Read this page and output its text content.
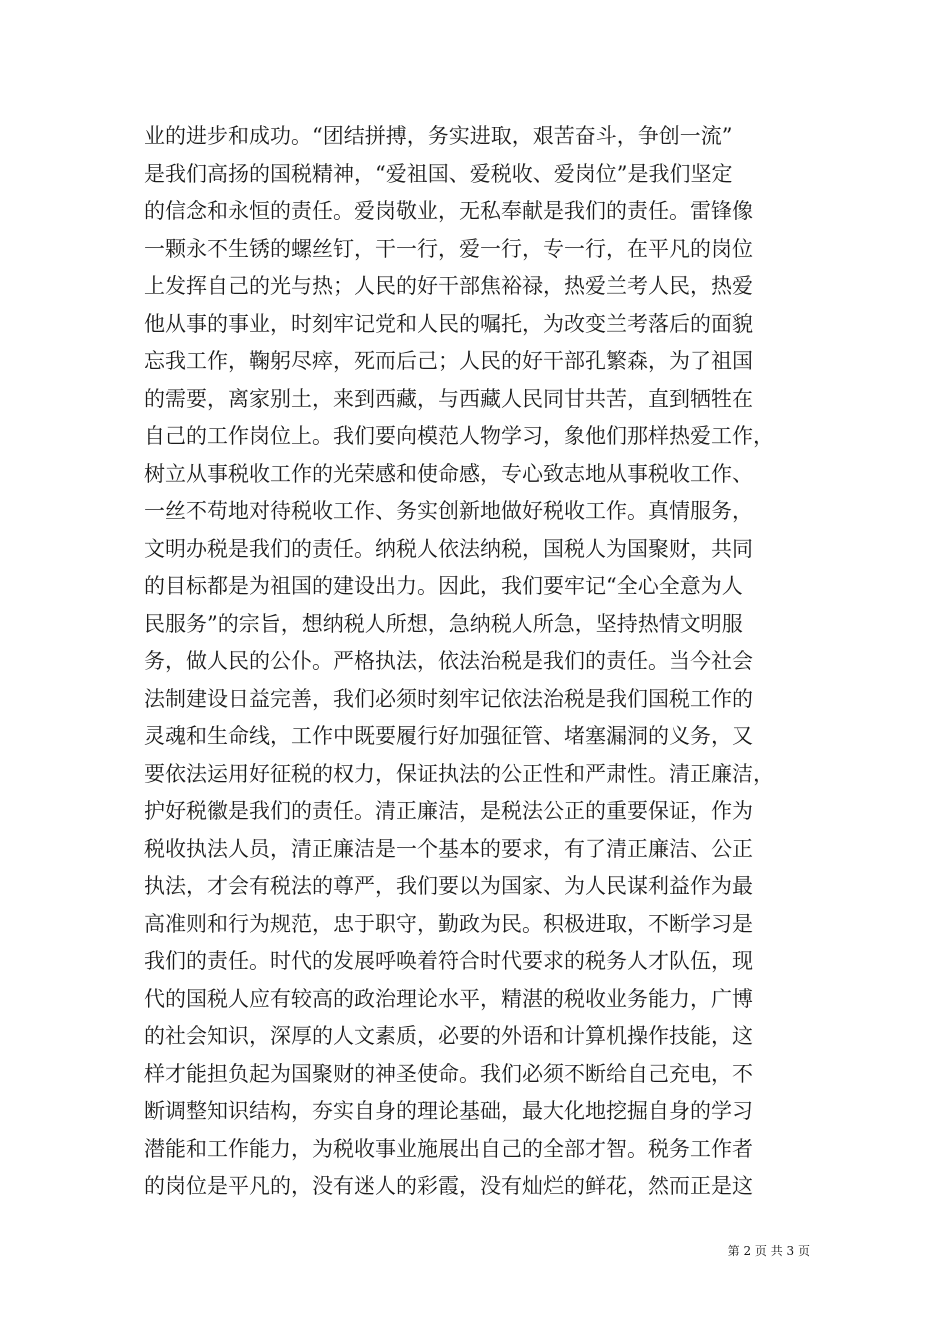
业的进步和成功。“团结拼搏，务实进取，艰苦奋斗，争创一流”
是我们高扬的国税精神，“爱祖国、爱税收、爱岗位”是我们坚定
的信念和永恒的责任。爱岗敬业，无私奉献是我们的责任。雷锋像
一颗永不生锈的螺丝钉，干一行，爱一行，专一行，在平凡的岗位
上发挥自己的光与热；人民的好干部焦裕禄，热爱兰考人民，热爱
他从事的事业，时刻牢记党和人民的嘱托，为改变兰考落后的面貌
忘我工作，鞠躬尽瘁，死而后己；人民的好干部孔繁森，为了祖国
的需要，离家别土，来到西藏，与西藏人民同甘共苦，直到牺牲在
自己的工作岗位上。我们要向模范人物学习，象他们那样热爱工作，
树立从事税收工作的光荣感和使命感，专心致志地从事税收工作、
一丝不苟地对待税收工作、务实创新地做好税收工作。真情服务，
文明办税是我们的责任。纳税人依法纳税，国税人为国聚财，共同
的目标都是为祖国的建设出力。因此，我们要牢记“全心全意为人
民服务”的宗旨，想纳税人所想，急纳税人所急，坚持热情文明服
务，做人民的公仆。严格执法，依法治税是我们的责任。当今社会
法制建设日益完善，我们必须时刻牢记依法治税是我们国税工作的
灵魂和生命线，工作中既要履行好加强征管、堵塞漏洞的义务，又
要依法运用好征税的权力，保证执法的公正性和严肃性。清正廉洁，
护好税徽是我们的责任。清正廉洁，是税法公正的重要保证，作为
税收执法人员，清正廉洁是一个基本的要求，有了清正廉洁、公正
执法，才会有税法的尊严，我们要以为国家、为人民谋利益作为最
高准则和行为规范，忠于职守，勤政为民。积极进取，不断学习是
我们的责任。时代的发展呼唤着符合时代要求的税务人才队伍，现
代的国税人应有较高的政治理论水平，精湛的税收业务能力，广博
的社会知识，深厚的人文素质，必要的外语和计算机操作技能，这
样才能担负起为国聚财的神圣使命。我们必须不断给自己充电，不
断调整知识结构，夯实自身的理论基础，最大化地挖掘自身的学习
潜能和工作能力，为税收事业施展出自己的全部才智。税务工作者
的岗位是平凡的，没有迷人的彩霞，没有灿烂的鲜花，然而正是这
第 2 页 共 3 页
